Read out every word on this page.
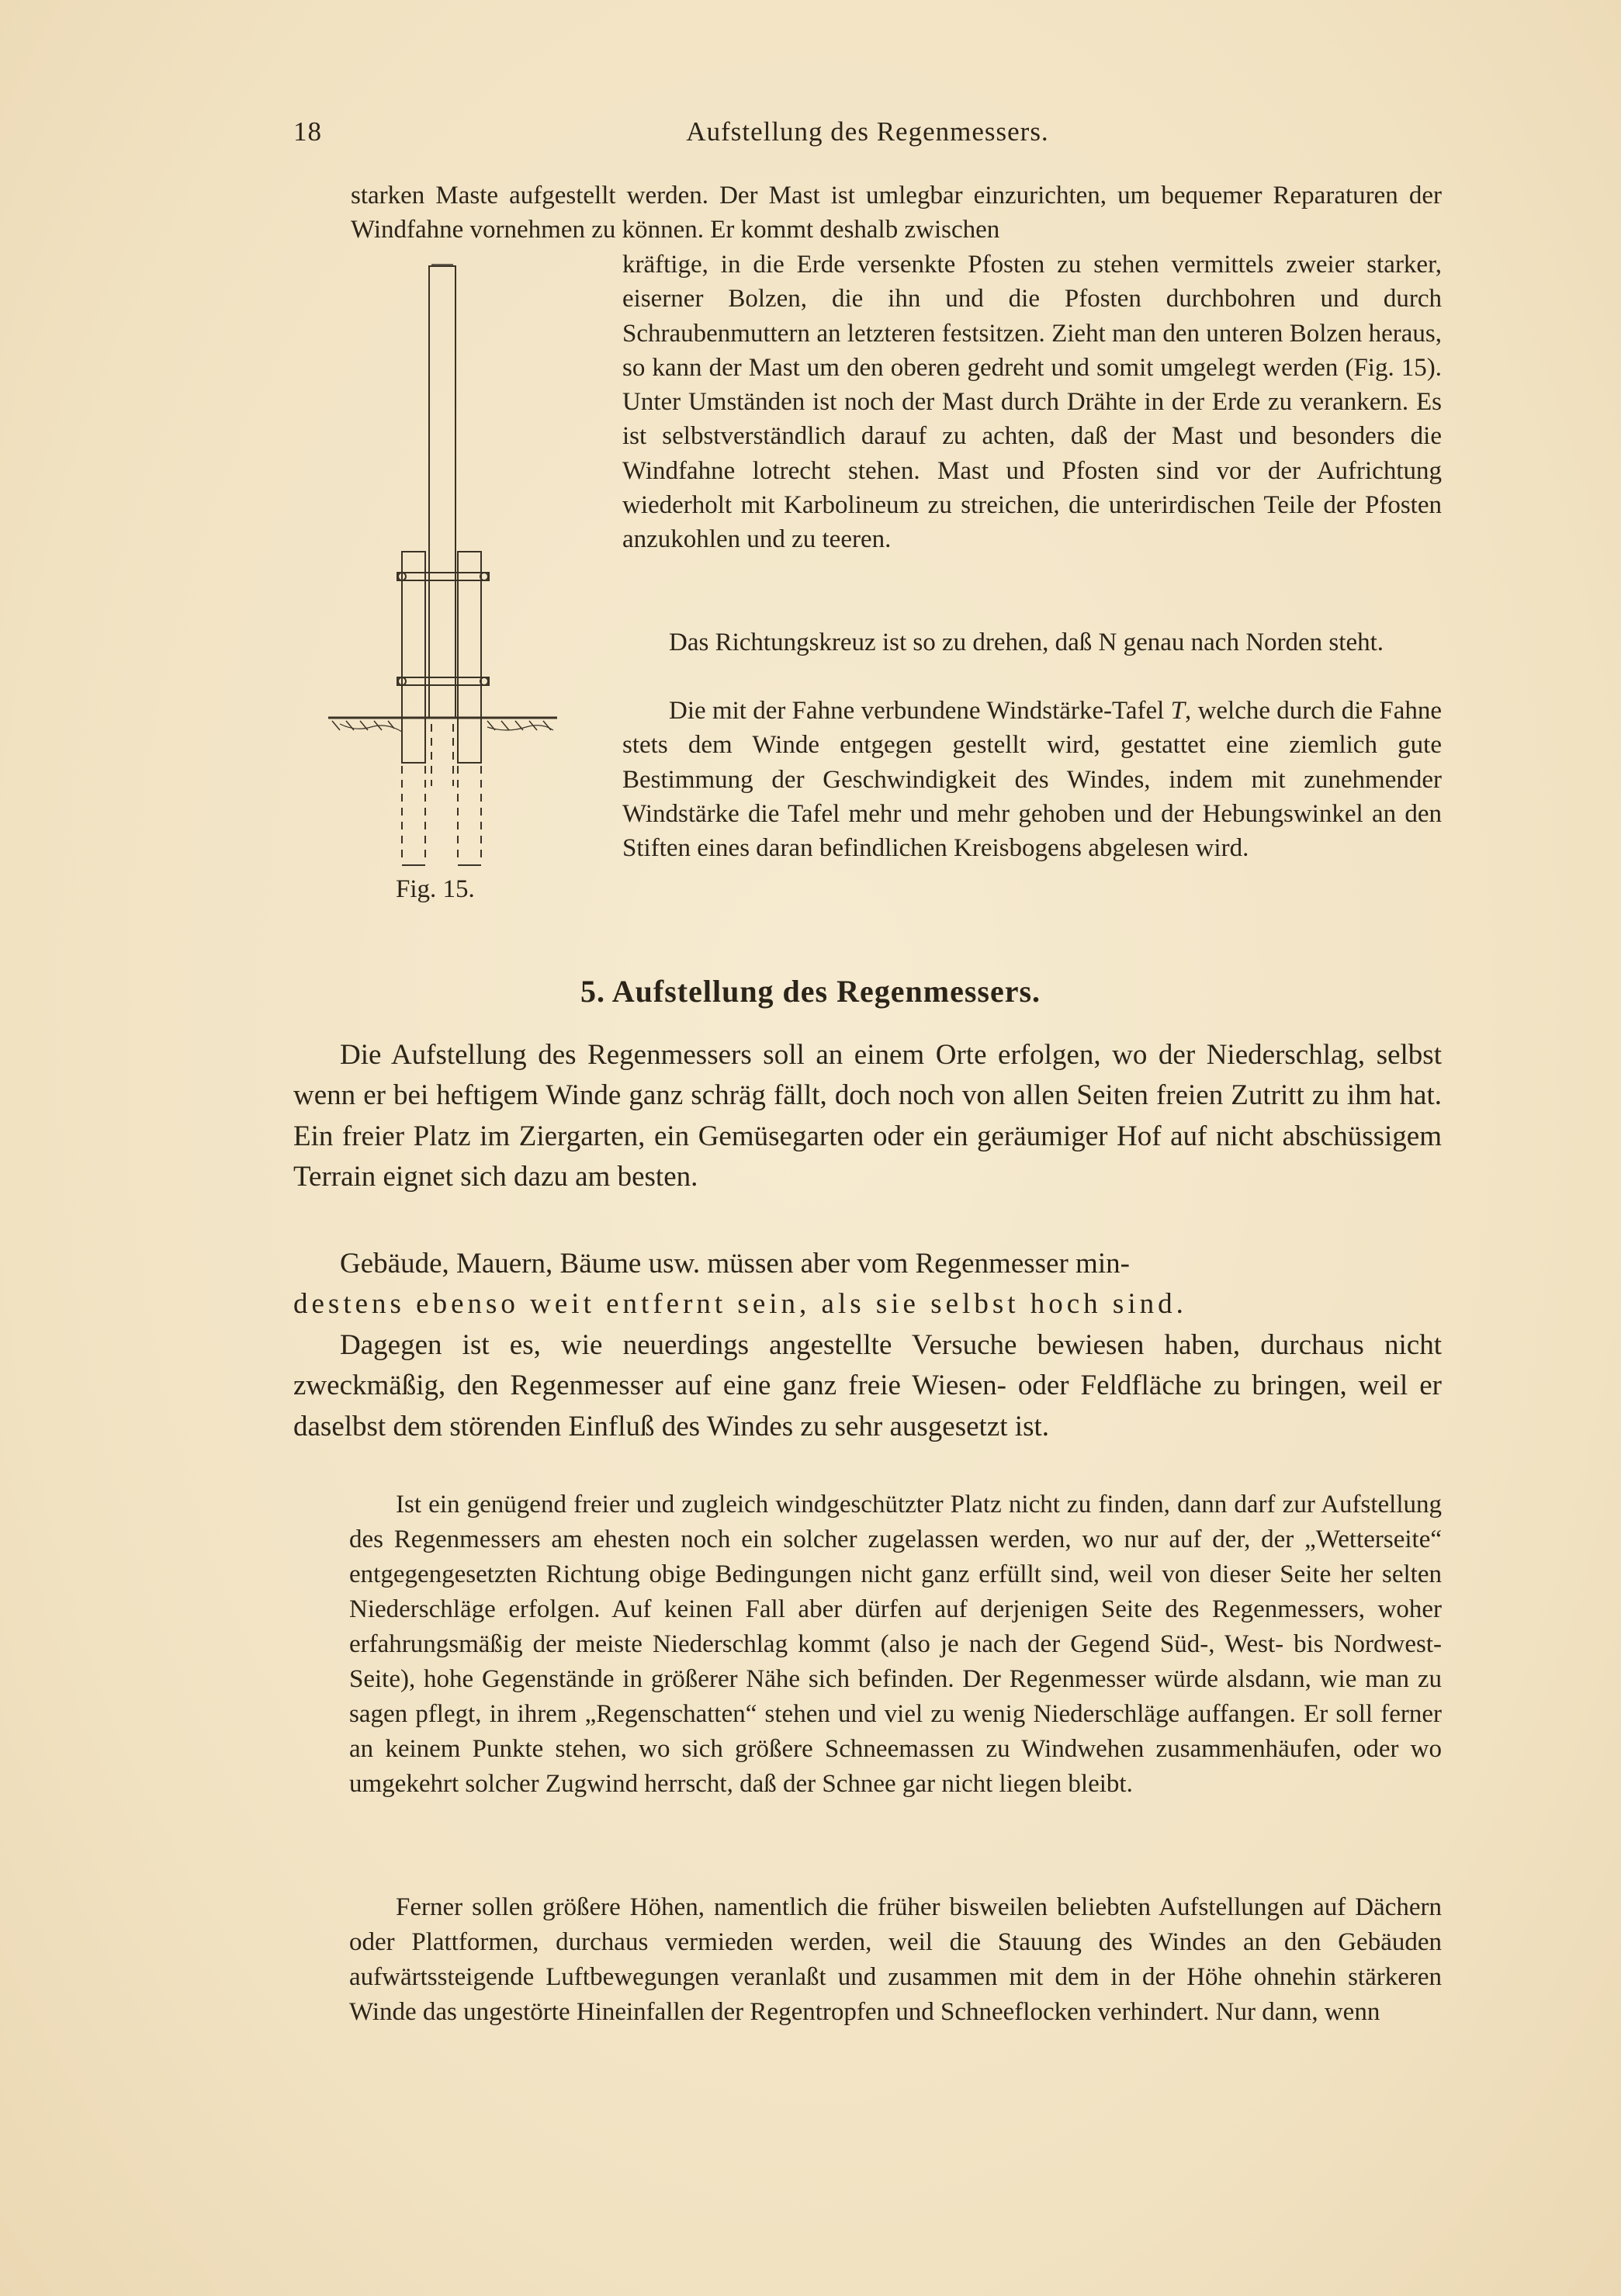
18	Aufstellung des Regenmessers.

starken Maste aufgestellt werden. Der Mast ist umlegbar einzurichten, um bequemer Reparaturen der Windfahne vornehmen zu können. Er kommt deshalb zwischen

Fig. 15.

kräftige, in die Erde versenkte Pfosten zu stehen vermittels zweier starker, eiserner Bolzen, die ihn und die Pfosten durchbohren und durch Schraubenmuttern an letzteren festsitzen. Zieht man den unteren Bolzen heraus, so kann der Mast um den oberen gedreht und somit umgelegt werden (Fig. 15). Unter Umständen ist noch der Mast durch Drähte in der Erde zu verankern. Es ist selbstverständlich darauf zu achten, daß der Mast und besonders die Windfahne lotrecht stehen. Mast und Pfosten sind vor der Aufrichtung wiederholt mit Karbolineum zu streichen, die unterirdischen Teile der Pfosten anzukohlen und zu teeren.

Das Richtungskreuz ist so zu drehen, daß N genau nach Norden steht.

Die mit der Fahne verbundene Windstärke-Tafel T, welche durch die Fahne stets dem Winde entgegen gestellt wird, gestattet eine ziemlich gute Bestimmung der Geschwindigkeit des Windes, indem mit zunehmender Windstärke die Tafel mehr und mehr gehoben und der Hebungswinkel an den Stiften eines daran befindlichen Kreisbogens abgelesen wird.

5. Aufstellung des Regenmessers.

Die Aufstellung des Regenmessers soll an einem Orte erfolgen, wo der Niederschlag, selbst wenn er bei heftigem Winde ganz schräg fällt, doch noch von allen Seiten freien Zutritt zu ihm hat. Ein freier Platz im Ziergarten, ein Gemüsegarten oder ein geräumiger Hof auf nicht abschüssigem Terrain eignet sich dazu am besten.

Gebäude, Mauern, Bäume usw. müssen aber vom Regenmesser min-
destens ebenso weit entfernt sein, als sie selbst hoch sind.

Dagegen ist es, wie neuerdings angestellte Versuche bewiesen haben, durchaus nicht zweckmäßig, den Regenmesser auf eine ganz freie Wiesen- oder Feldfläche zu bringen, weil er daselbst dem störenden Einfluß des Windes zu sehr ausgesetzt ist.

Ist ein genügend freier und zugleich windgeschützter Platz nicht zu finden, dann darf zur Aufstellung des Regenmessers am ehesten noch ein solcher zugelassen werden, wo nur auf der, der „Wetterseite“ entgegengesetzten Richtung obige Bedingungen nicht ganz erfüllt sind, weil von dieser Seite her selten Niederschläge erfolgen. Auf keinen Fall aber dürfen auf derjenigen Seite des Regenmessers, woher erfahrungsmäßig der meiste Niederschlag kommt (also je nach der Gegend Süd-, West- bis Nordwest-Seite), hohe Gegenstände in größerer Nähe sich befinden. Der Regenmesser würde alsdann, wie man zu sagen pflegt, in ihrem „Regenschatten“ stehen und viel zu wenig Niederschläge auffangen. Er soll ferner an keinem Punkte stehen, wo sich größere Schneemassen zu Windwehen zusammenhäufen, oder wo umgekehrt solcher Zugwind herrscht, daß der Schnee gar nicht liegen bleibt.

Ferner sollen größere Höhen, namentlich die früher bisweilen beliebten Aufstellungen auf Dächern oder Plattformen, durchaus vermieden werden, weil die Stauung des Windes an den Gebäuden aufwärtssteigende Luftbewegungen veranlaßt und zusammen mit dem in der Höhe ohnehin stärkeren Winde das ungestörte Hineinfallen der Regentropfen und Schneeflocken verhindert. Nur dann, wenn
